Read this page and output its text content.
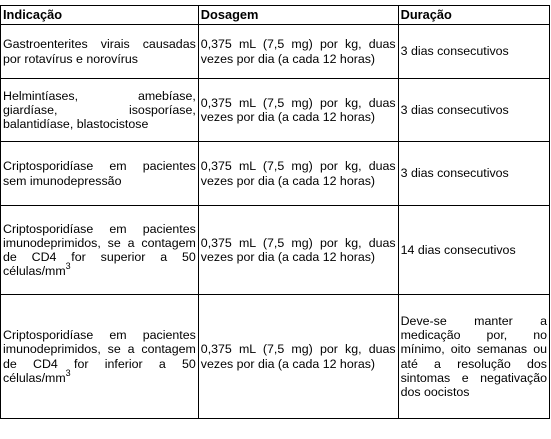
Indicação	Dosagem	Duração
Gastroenterites virais causadas por rotavírus e norovírus	0,375 mL (7,5 mg) por kg, duas vezes por dia (a cada 12 horas)	3 dias consecutivos
Helmintíases, amebíase, giardíase, isosporíase, balantidíase, blastocistose	0,375 mL (7,5 mg) por kg, duas vezes por dia (a cada 12 horas)	3 dias consecutivos
Criptosporidíase em pacientes sem imunodepressão	0,375 mL (7,5 mg) por kg, duas vezes por dia (a cada 12 horas)	3 dias consecutivos
Criptosporidíase em pacientes imunodeprimidos, se a contagem de CD4 for superior a 50 células/$mm^3$	0,375 mL (7,5 mg) por kg, duas vezes por dia (a cada 12 horas)	14 dias consecutivos
Criptosporidíase em pacientes imunodeprimidos, se a contagem de CD4 for inferior a 50 células/$mm^3$	0,375 mL (7,5 mg) por kg, duas vezes por dia (a cada 12 horas)	Deve-se manter a medicação por, no mínimo, oito semanas ou até a resolução dos sintomas e negativação dos oocistos
